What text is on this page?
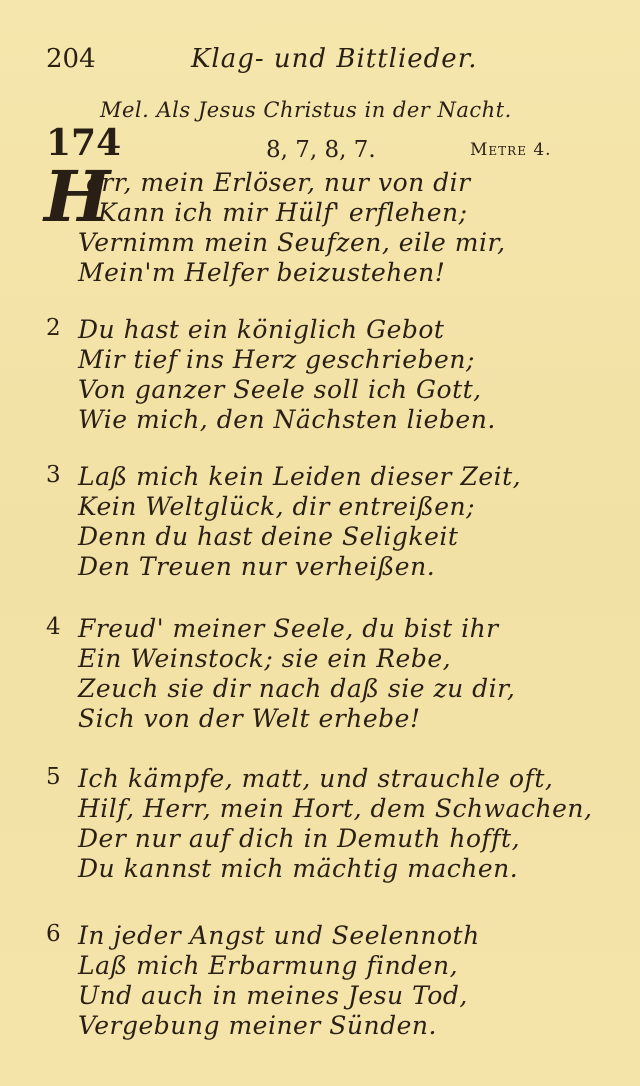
204	Klag- und Bittlieder.
Mel. Als Jesus Christus in der Nacht.
174	8, 7, 8, 7.	Metre 4.
H
err, mein Erlöser, nur von dir
Kann ich mir Hülf' erflehen;
Vernimm mein Seufzen, eile mir,
Mein'm Helfer beizustehen!
2 Du hast ein königlich Gebot
Mir tief ins Herz geschrieben;
Von ganzer Seele soll ich Gott,
Wie mich, den Nächsten lieben.
3 Laß mich kein Leiden dieser Zeit,
Kein Weltglück, dir entreißen;
Denn du hast deine Seligkeit
Den Treuen nur verheißen.
4 Freud' meiner Seele, du bist ihr
Ein Weinstock; sie ein Rebe,
Zeuch sie dir nach daß sie zu dir,
Sich von der Welt erhebe!
5 Ich kämpfe, matt, und strauchle oft,
Hilf, Herr, mein Hort, dem Schwachen,
Der nur auf dich in Demuth hofft,
Du kannst mich mächtig machen.
6 In jeder Angst und Seelennoth
Laß mich Erbarmung finden,
Und auch in meines Jesu Tod,
Vergebung meiner Sünden.
